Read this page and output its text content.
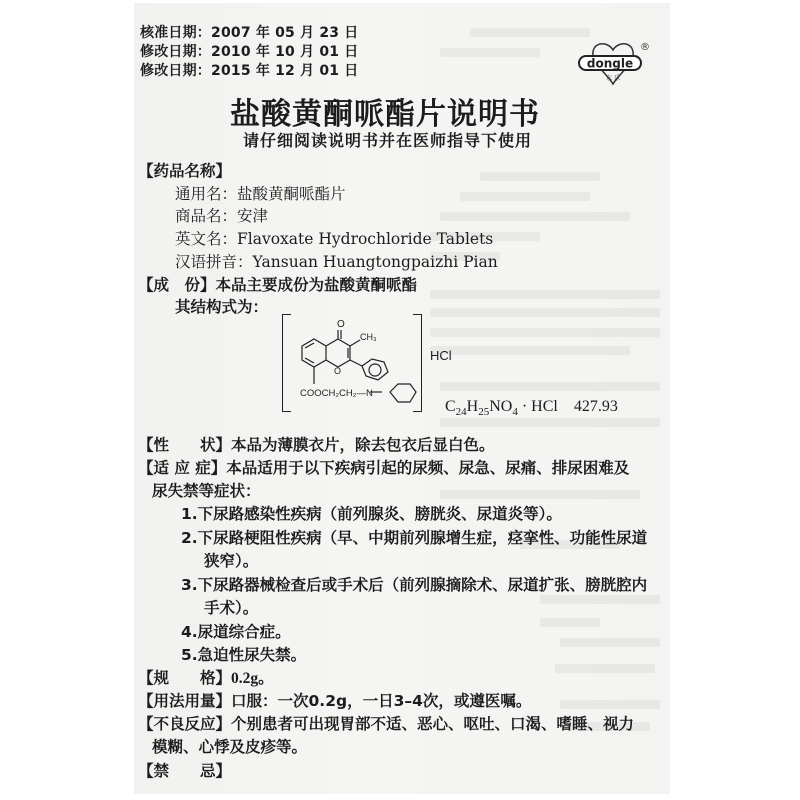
核准日期：2007 年 05 月 23 日
修改日期：2010 年 10 月 01 日
修改日期：2015 年 12 月 01 日	dongle
东 乐
®
盐酸黄酮哌酯片说明书
请仔细阅读说明书并在医师指导下使用
【药品名称】
通用名：盐酸黄酮哌酯片
商品名：安津
英文名：Flavoxate Hydrochloride Tablets
汉语拼音：Yansuan Huangtongpaizhi Pian
【成　份】本品主要成份为盐酸黄酮哌酯
其结构式为：
O
CH₃
O
COOCH₂CH₂—N
HCl
$C_{24}H_{25}NO_4$ · HCl 427.93
【性　　状】本品为薄膜衣片，除去包衣后显白色。
【适 应 症】本品适用于以下疾病引起的尿频、尿急、尿痛、排尿困难及
尿失禁等症状：
1.下尿路感染性疾病（前列腺炎、膀胱炎、尿道炎等）。
2.下尿路梗阻性疾病（早、中期前列腺增生症，痉挛性、功能性尿道
狭窄）。
3.下尿路器械检查后或手术后（前列腺摘除术、尿道扩张、膀胱腔内
手术）。
4.尿道综合症。
5.急迫性尿失禁。
【规　　格】0.2g。
【用法用量】口服：一次0.2g，一日3–4次，或遵医嘱。
【不良反应】个别患者可出现胃部不适、恶心、呕吐、口渴、嗜睡、视力
模糊、心悸及皮疹等。
【禁　　忌】
